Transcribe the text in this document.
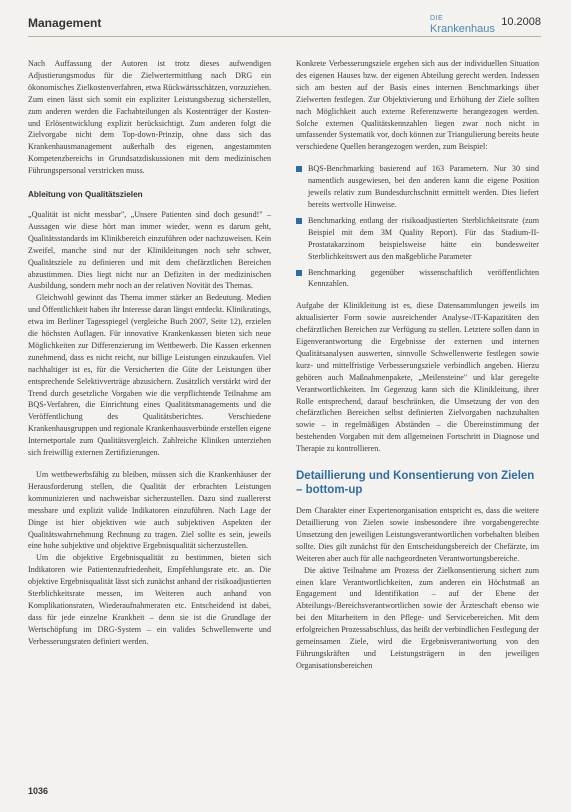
Management	DIE
Krankenhaus
10.2008

Nach Auffassung der Autoren ist trotz dieses aufwendigen Adjustierungsmodus für die Zielwertermittlung nach DRG ein ökonomisches Zielkostenverfahren, etwa Rückwärtsschätzen, vorzuziehen. Zum einen lässt sich somit ein expliziter Leistungsbezug sicherstellen, zum anderen werden die Fachabteilungen als Kostenträger der Kosten- und Erlösentwicklung explizit berücksichtigt. Zum anderen folgt die Zielvorgabe nicht dem Top-down-Prinzip, ohne dass sich das Krankenhausmanagement außerhalb des eigenen, angestammten Kompetenzbereichs in Grundsatzdiskussionen mit dem medizinischen Führungspersonal verstricken muss.

Ableitung von Qualitätszielen

„Qualität ist nicht messbar", „Unsere Patienten sind doch gesund!" – Aussagen wie diese hört man immer wieder, wenn es darum geht, Qualitätsstandards im Klinikbereich einzuführen oder nachzuweisen. Kein Zweifel, manche sind nur der Klinikleitungen noch sehr schwer, Qualitätsziele zu definieren und mit dem chefärztlichen Bereichen abzustimmen. Dies liegt nicht nur an Defiziten in der medizinischen Ausbildung, sondern mehr noch an der relativen Novität des Themas.

Gleichwohl gewinnt das Thema immer stärker an Bedeutung. Medien und Öffentlichkeit haben ihr Interesse daran längst entdeckt. Klinikratings, etwa im Berliner Tagesspiegel (vergleiche Buch 2007, Seite 12), erzielen die höchsten Auflagen. Für innovative Krankenkassen bieten sich neue Möglichkeiten zur Differenzierung im Wettbewerb. Die Kassen erkennen zunehmend, dass es nicht reicht, nur billige Leistungen einzukaufen. Viel nachhaltiger ist es, für die Versicherten die Güte der Leistungen über entsprechende Selektivverträge abzusichern. Zusätzlich verstärkt wird der Trend durch gesetzliche Vorgaben wie die verpflichtende Teilnahme am BQS-Verfahren, die Einrichtung eines Qualitätsmanagements und die Veröffentlichung des Qualitätsberichtes. Verschiedene Krankenhausgruppen und regionale Krankenhausverbünde erstellen eigene Internetportale zum Qualitätsvergleich. Zahlreiche Kliniken unterziehen sich freiwillig externen Zertifizierungen.

Um wettbewerbsfähig zu bleiben, müssen sich die Krankenhäuser der Herausforderung stellen, die Qualität der erbrachten Leistungen kommunizieren und nachweisbar sicherzustellen. Dazu sind zuallererst messbare und explizit valide Indikatoren einzuführen. Nach Lage der Dinge ist hier objektiven wie auch subjektiven Aspekten der Qualitätswahrnehmung Rechnung zu tragen. Ziel sollte es sein, jeweils eine hohe subjektive und objektive Ergebnisqualität sicherzustellen.

Um die objektive Ergebnisqualität zu bestimmen, bieten sich Indikatoren wie Patientenzufriedenheit, Empfehlungsrate etc. an. Die objektive Ergebnisqualität lässt sich zunächst anhand der risikoadjustierten Sterblichkeitsrate messen, im Weiteren auch anhand von Komplikationsraten, Wiederaufnahmeraten etc. Entscheidend ist dabei, dass für jede einzelne Krankheit – denn sie ist die Grundlage der Wertschöpfung im DRG-System – ein valides Schwellenwerte und Verbesserungsraten definiert werden.

Konkrete Verbesserungsziele ergeben sich aus der individuellen Situation des eigenen Hauses bzw. der eigenen Abteilung gerecht werden. Indessen sich am besten auf der Basis eines internen Benchmarkings über Zielwerten festlegen. Zur Objektivierung und Erhöhung der Ziele sollten nach Möglichkeit auch externe Referenzwerte herangezogen werden. Solche externen Qualitätskennzahlen liegen zwar noch nicht in umfassender Systematik vor, doch können zur Triangulierung bereits heute verschiedene Quellen herangezogen werden, zum Beispiel:

BQS-Benchmarking basierend auf 163 Parametern. Nur 30 sind namentlich ausgewiesen, bei den anderen kann die eigene Position jeweils relativ zum Bundesdurchschnitt ermittelt werden. Dies liefert bereits wertvolle Hinweise.
Benchmarking entlang der risikoadjustierten Sterblichkeitsrate (zum Beispiel mit dem 3M Quality Report). Für das Stadium-II-Prostatakarzinom beispielsweise hätte ein bundesweiter Sterblichkeitswert aus den maßgebliche Parameter
Benchmarking gegenüber wissenschaftlich veröffentlichten Kennzahlen.

Aufgabe der Klinikleitung ist es, diese Datensammlungen jeweils im aktualisierter Form sowie ausreichender Analyse-/IT-Kapazitäten den chefärztlichen Bereichen zur Verfügung zu stellen. Letztere sollen dann in Eigenverantwortung die Ergebnisse der externen und internen Qualitätsanalysen auswerten, sinnvolle Schwellenwerte festlegen sowie kurz- und mittelfristige Verbesserungsziele verbindlich angeben. Hierzu gehören auch Maßnahmenpakete, „Meilensteine" und klar geregelte Verantwortlichkeiten. Im Gegenzug kann sich die Klinikleitung, ihrer Rolle entsprechend, darauf beschränken, die Umsetzung der von den chefärztlichen Bereichen selbst definierten Zielvorgaben nachzuhalten sowie – in regelmäßigen Abständen – die Übereinstimmung der bestehenden Vorgaben mit dem allgemeinen Fortschritt in Diagnose und Therapie zu kontrollieren.

Detaillierung und Konsentierung von Zielen – bottom-up

Dem Charakter einer Expertenorganisation entspricht es, dass die weitere Detaillierung von Zielen sowie insbesondere ihre vorgabengerechte Umsetzung den jeweiligen Leistungsverantwortlichen vorbehalten bleiben sollte. Dies gilt zunächst für den Entscheidungsbereich der Chefärzte, im Weiteren aber auch für alle nachgeordneten Verantwortungsbereiche.

Die aktive Teilnahme am Prozess der Zielkonsentierung sichert zum einen klare Verantwortlichkeiten, zum anderen ein Höchstmaß an Engagement und Identifikation – auf der Ebene der Abteilungs-/Bereichsverantwortlichen sowie der Ärzteschaft ebenso wie bei den Mitarbeitern in den Pflege- und Servicebereichen. Mit dem erfolgreichen Prozessabschluss, das heißt der verbindlichen Festlegung der gemeinsamen Ziele, wird die Ergebnisverantwortung von den Führungskräften und Leistungsträgern in den jeweiligen Organisationsbereichen

1036
